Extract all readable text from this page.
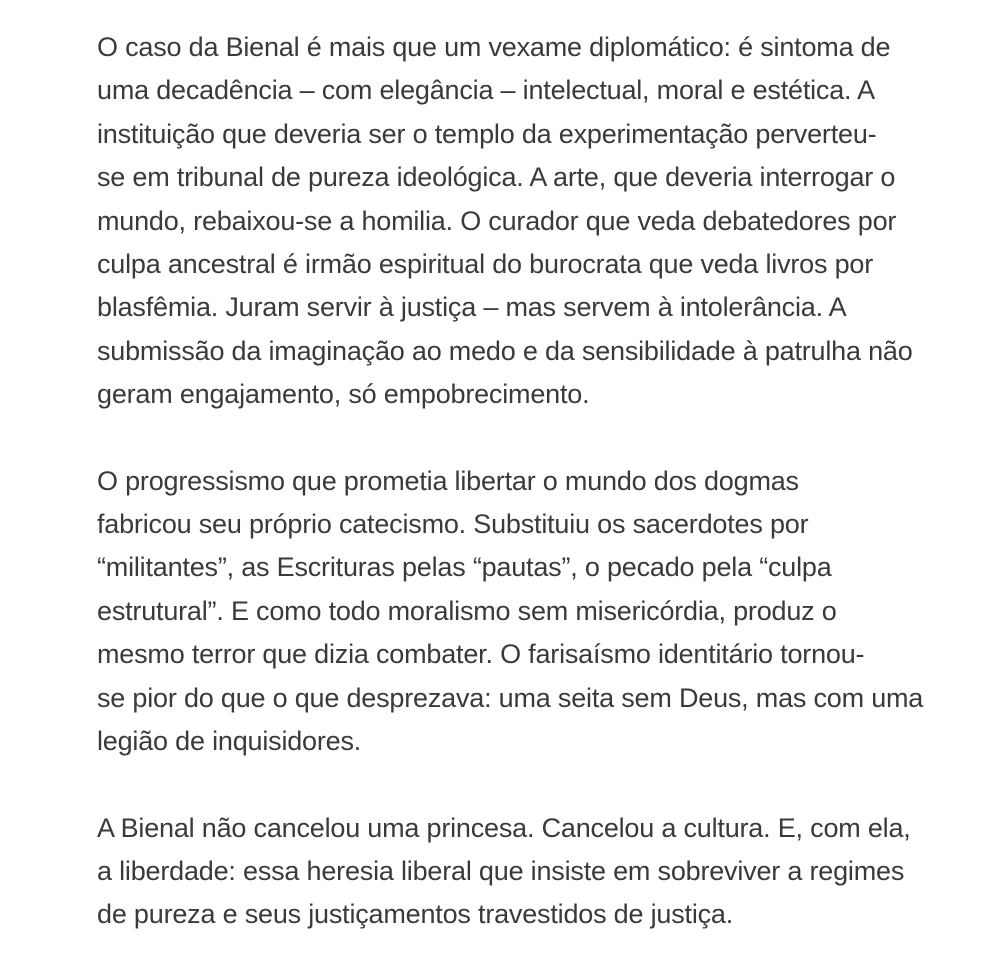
O caso da Bienal é mais que um vexame diplomático: é sintoma de
uma decadência – com elegância – intelectual, moral e estética. A
instituição que deveria ser o templo da experimentação perverteu-
se em tribunal de pureza ideológica. A arte, que deveria interrogar o
mundo, rebaixou-se a homilia. O curador que veda debatedores por
culpa ancestral é irmão espiritual do burocrata que veda livros por
blasfêmia. Juram servir à justiça – mas servem à intolerância. A
submissão da imaginação ao medo e da sensibilidade à patrulha não
geram engajamento, só empobrecimento.

O progressismo que prometia libertar o mundo dos dogmas
fabricou seu próprio catecismo. Substituiu os sacerdotes por
“militantes”, as Escrituras pelas “pautas”, o pecado pela “culpa
estrutural”. E como todo moralismo sem misericórdia, produz o
mesmo terror que dizia combater. O farisaísmo identitário tornou-
se pior do que o que desprezava: uma seita sem Deus, mas com uma
legião de inquisidores.

A Bienal não cancelou uma princesa. Cancelou a cultura. E, com ela,
a liberdade: essa heresia liberal que insiste em sobreviver a regimes
de pureza e seus justiçamentos travestidos de justiça.
